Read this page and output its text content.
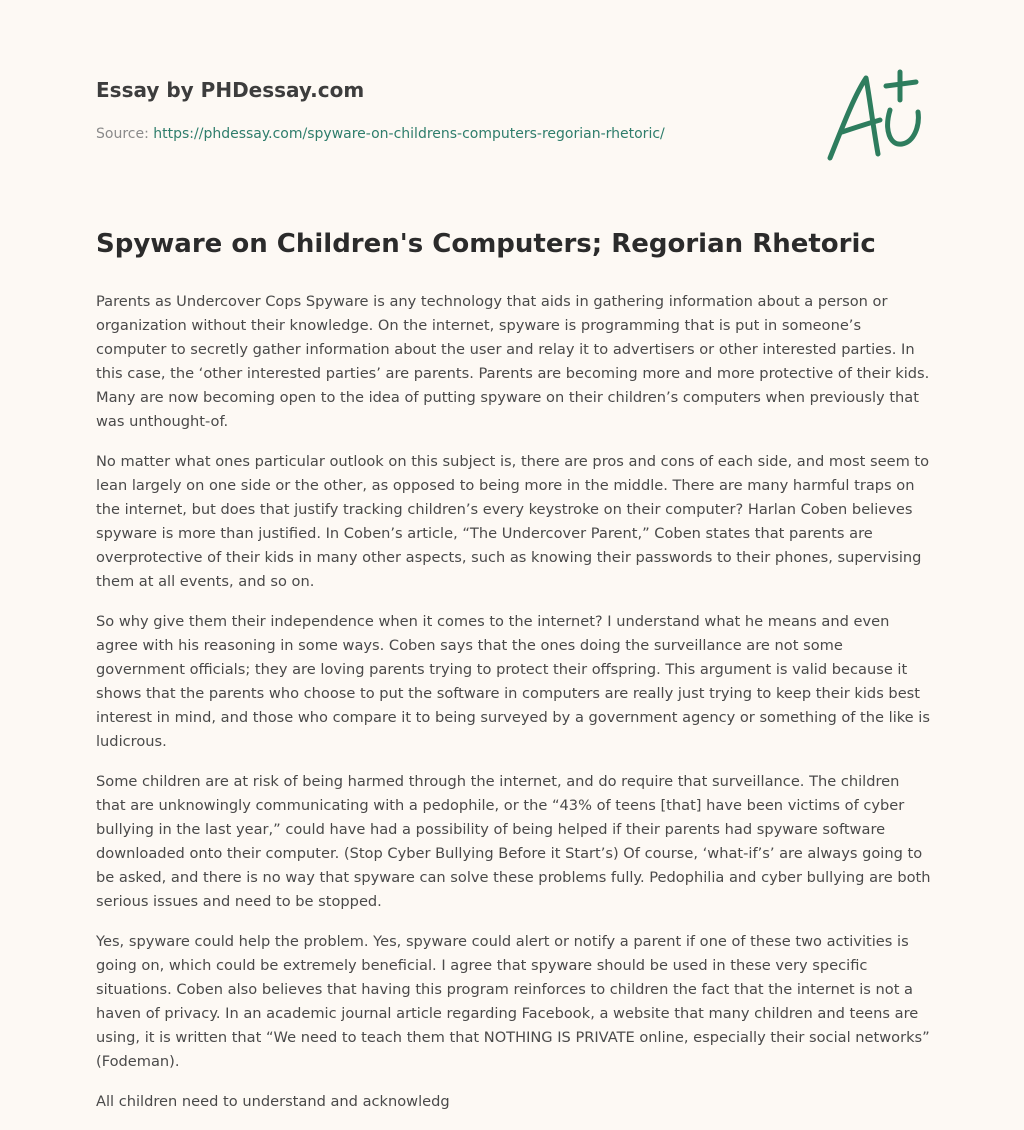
Essay by PHDessay.com
Source: https://phdessay.com/spyware-on-childrens-computers-regorian-rhetoric/
Spyware on Children's Computers; Regorian Rhetoric

Parents as Undercover Cops Spyware is any technology that aids in gathering information about a person or organization without their knowledge. On the internet, spyware is programming that is put in someone’s computer to secretly gather information about the user and relay it to advertisers or other interested parties. In this case, the ‘other interested parties’ are parents. Parents are becoming more and more protective of their kids. Many are now becoming open to the idea of putting spyware on their children’s computers when previously that was unthought-of.

No matter what ones particular outlook on this subject is, there are pros and cons of each side, and most seem to lean largely on one side or the other, as opposed to being more in the middle. There are many harmful traps on the internet, but does that justify tracking children’s every keystroke on their computer? Harlan Coben believes spyware is more than justified. In Coben’s article, “The Undercover Parent,” Coben states that parents are overprotective of their kids in many other aspects, such as knowing their passwords to their phones, supervising them at all events, and so on.

So why give them their independence when it comes to the internet? I understand what he means and even agree with his reasoning in some ways. Coben says that the ones doing the surveillance are not some government officials; they are loving parents trying to protect their offspring. This argument is valid because it shows that the parents who choose to put the software in computers are really just trying to keep their kids best interest in mind, and those who compare it to being surveyed by a government agency or something of the like is ludicrous.

Some children are at risk of being harmed through the internet, and do require that surveillance. The children that are unknowingly communicating with a pedophile, or the “43% of teens [that] have been victims of cyber bullying in the last year,” could have had a possibility of being helped if their parents had spyware software downloaded onto their computer. (Stop Cyber Bullying Before it Start’s) Of course, ‘what-if’s’ are always going to be asked, and there is no way that spyware can solve these problems fully. Pedophilia and cyber bullying are both serious issues and need to be stopped.

Yes, spyware could help the problem. Yes, spyware could alert or notify a parent if one of these two activities is going on, which could be extremely beneficial. I agree that spyware should be used in these very specific situations. Coben also believes that having this program reinforces to children the fact that the internet is not a haven of privacy. In an academic journal article regarding Facebook, a website that many children and teens are using, it is written that “We need to teach them that NOTHING IS PRIVATE online, especially their social networks” (Fodeman).

All children need to understand and acknowledg
